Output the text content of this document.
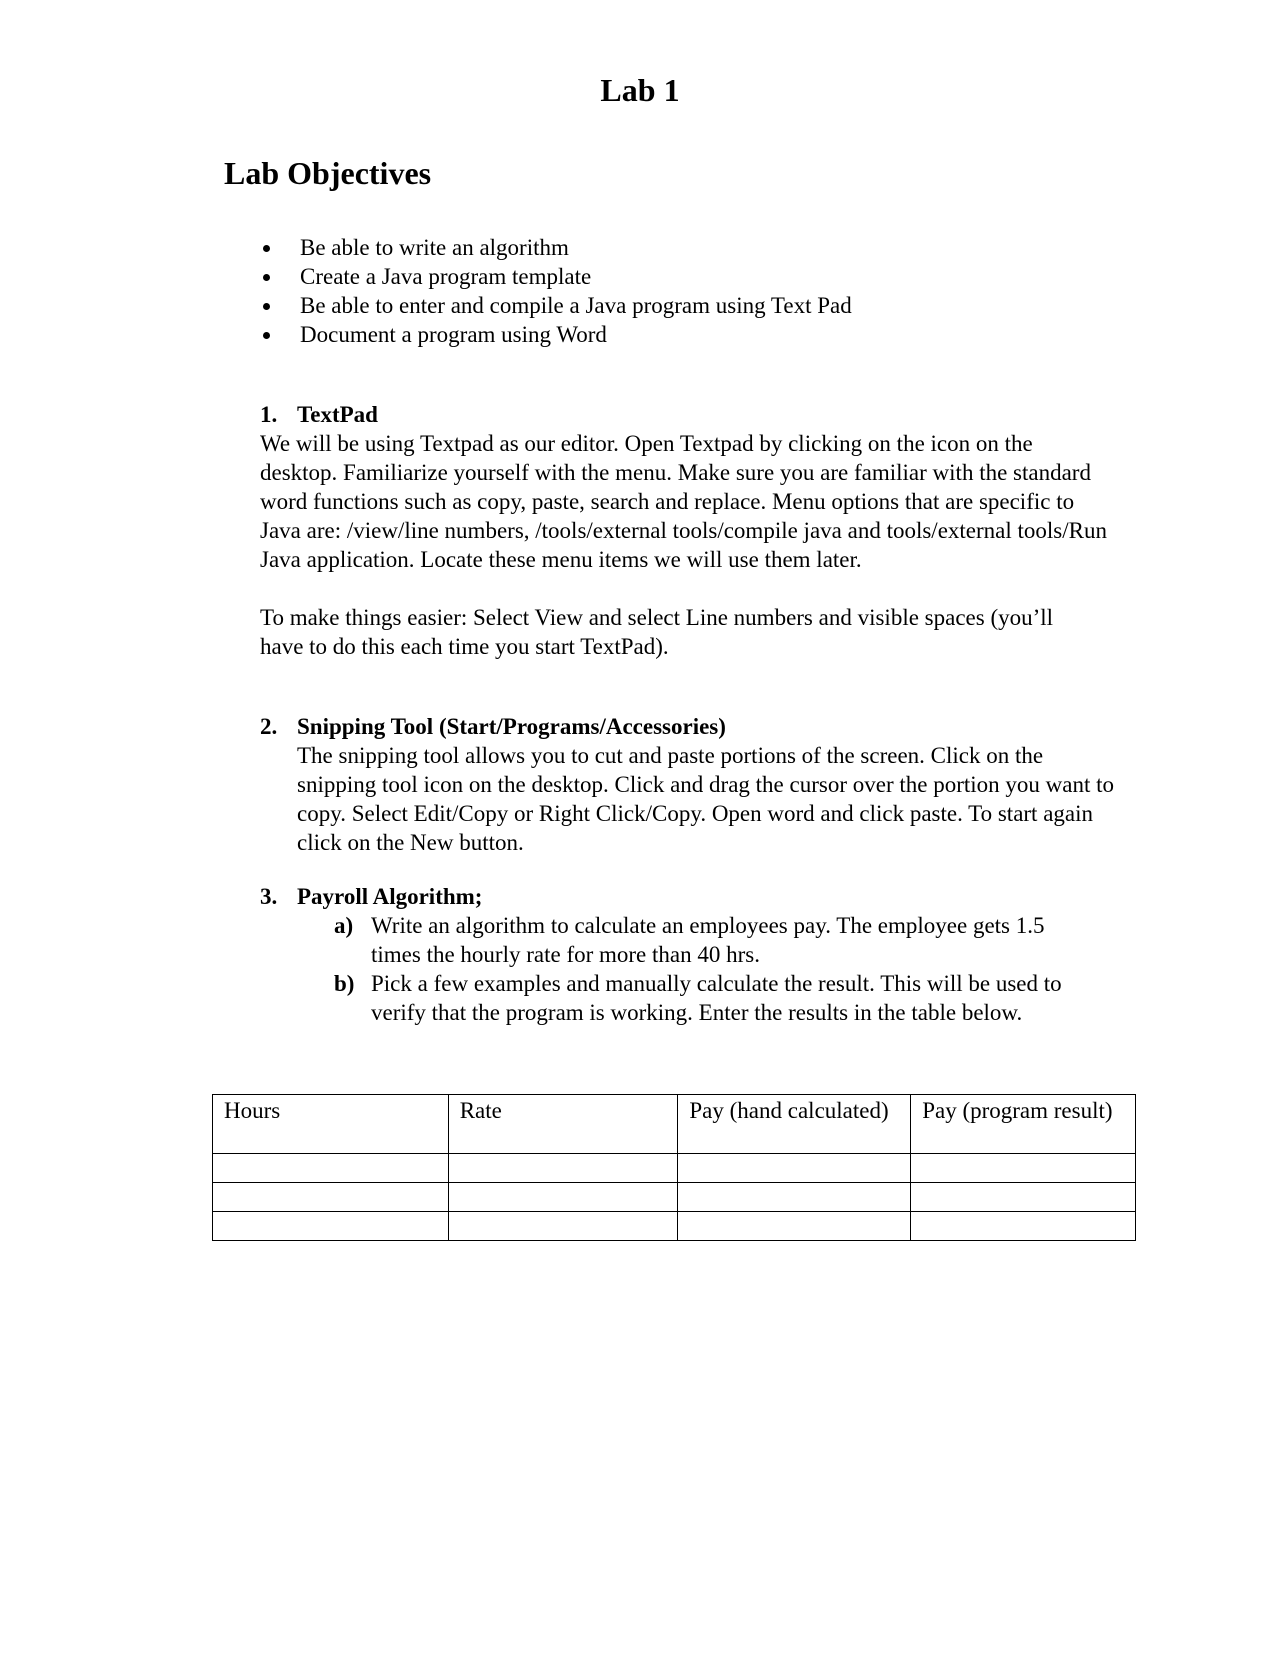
Lab 1
Lab Objectives
Be able to write an algorithm
Create a Java program template
Be able to enter and compile a Java program using Text Pad
Document a program using Word
1. TextPad
We will be using Textpad as our editor. Open Textpad by clicking on the icon on the desktop. Familiarize yourself with the menu. Make sure you are familiar with the standard word functions such as copy, paste, search and replace. Menu options that are specific to Java are: /view/line numbers, /tools/external tools/compile java and tools/external tools/Run Java application. Locate these menu items we will use them later.
To make things easier: Select View and select Line numbers and visible spaces (you’ll have to do this each time you start TextPad).
2. Snipping Tool (Start/Programs/Accessories)
The snipping tool allows you to cut and paste portions of the screen. Click on the snipping tool icon on the desktop. Click and drag the cursor over the portion you want to copy. Select Edit/Copy or Right Click/Copy. Open word and click paste. To start again click on the New button.
3. Payroll Algorithm;
a) Write an algorithm to calculate an employees pay. The employee gets 1.5 times the hourly rate for more than 40 hrs.
b) Pick a few examples and manually calculate the result. This will be used to verify that the program is working. Enter the results in the table below.
Hours	Rate	Pay (hand calculated)	Pay (program result)
